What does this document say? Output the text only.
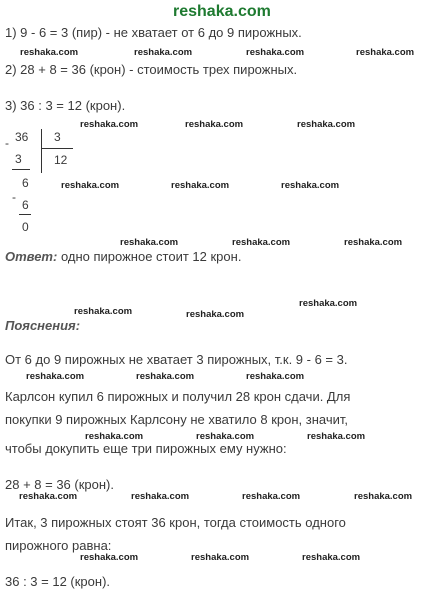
reshaka.com
1) 9 - 6 = 3 (пир) - не хватает от 6 до 9 пирожных.
2) 28 + 8 = 36 (крон) - стоимость трех пирожных.
3) 36 : 3 = 12 (крон).
- 36 3
3	12
6
-
6
0
Ответ: одно пирожное стоит 12 крон.
Пояснения:
От 6 до 9 пирожных не хватает 3 пирожных, т.к. 9 - 6 = 3.
Карлсон купил 6 пирожных и получил 28 крон сдачи. Для
покупки 9 пирожных Карлсону не хватило 8 крон, значит,
чтобы докупить еще три пирожных ему нужно:
28 + 8 = 36 (крон).
Итак, 3 пирожных стоят 36 крон, тогда стоимость одного
пирожного равна:
36 : 3 = 12 (крон).
reshaka.com	reshaka.com	reshaka.com	reshaka.com
reshaka.com	reshaka.com	reshaka.com
reshaka.com	reshaka.com	reshaka.com
reshaka.com	reshaka.com	reshaka.com
reshaka.com
reshaka.com	reshaka.com
reshaka.com	reshaka.com	reshaka.com
reshaka.com	reshaka.com	reshaka.com
reshaka.com	reshaka.com	reshaka.com	reshaka.com
reshaka.com	reshaka.com	reshaka.com
